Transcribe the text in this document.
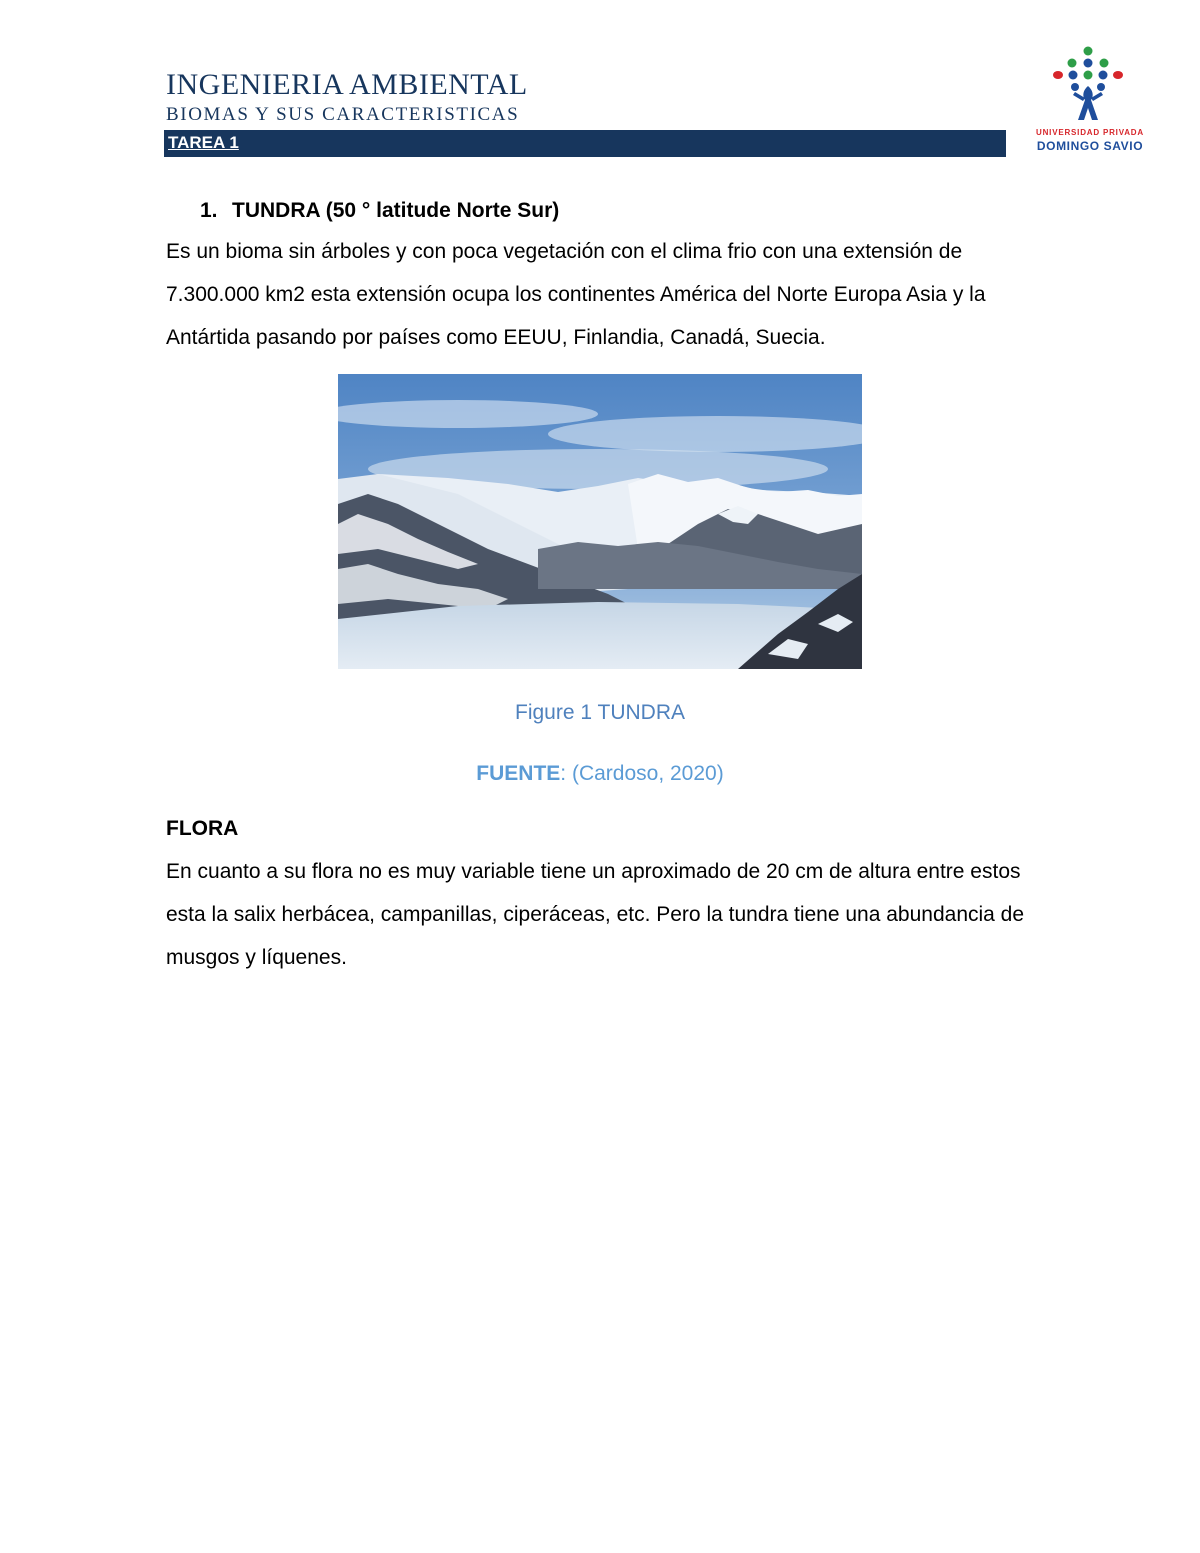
INGENIERIA AMBIENTAL
BIOMAS Y SUS CARACTERISTICAS
TAREA 1
UNIVERSIDAD PRIVADA
DOMINGO SAVIO
1. TUNDRA (50 ° latitude Norte Sur)

Es un bioma sin árboles y con poca vegetación con el clima frio con una extensión de 7.300.000 km2 esta extensión ocupa los continentes América del Norte Europa Asia y la Antártida pasando por países como EEUU, Finlandia, Canadá, Suecia.

Figure 1 TUNDRA
FUENTE: (Cardoso, 2020)
FLORA

En cuanto a su flora no es muy variable tiene un aproximado de 20 cm de altura entre estos esta la salix herbácea, campanillas, ciperáceas, etc. Pero la tundra tiene una abundancia de musgos y líquenes.
